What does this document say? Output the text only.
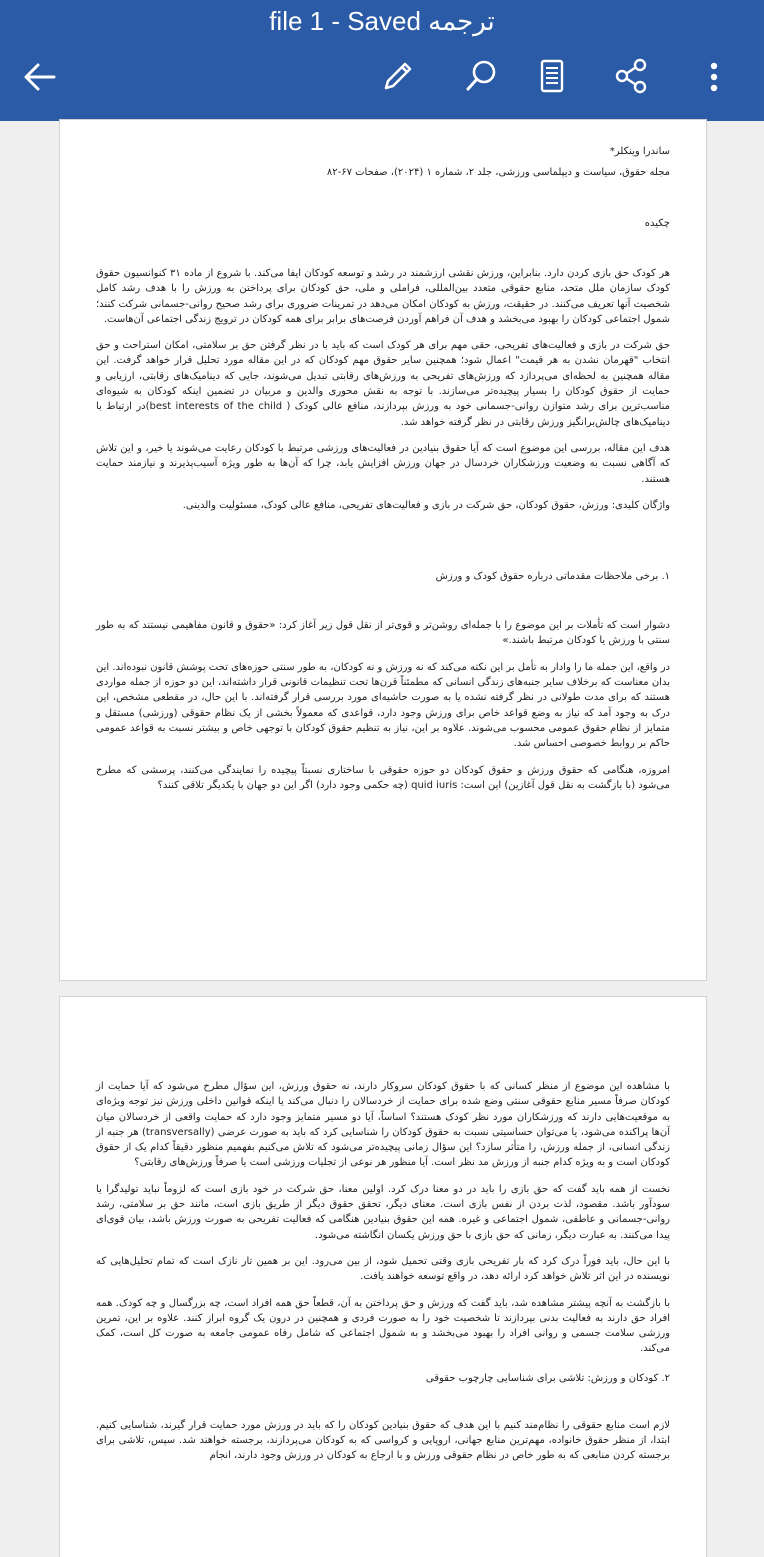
file 1 - Saved ترجمه

ساندرا وینکلر*

مجله حقوق، سیاست و دیپلماسی ورزشی، جلد ۲، شماره ۱ (۲۰۲۴)، صفحات ۶۷-۸۲

چکیده

هر کودک حق بازی کردن دارد. بنابراین، ورزش نقشی ارزشمند در رشد و توسعه کودکان ایفا می‌کند. با شروع از ماده ۳۱ کنوانسیون حقوق کودک سازمان ملل متحد، منابع حقوقی متعدد بین‌المللی، فراملی و ملی، حق کودکان برای پرداختن به ورزش را با هدف رشد کامل شخصیت آنها تعریف می‌کنند. در حقیقت، ورزش به کودکان امکان می‌دهد در تمرینات ضروری برای رشد صحیح روانی-جسمانی شرکت کنند؛ شمول اجتماعی کودکان را بهبود می‌بخشد و هدف آن فراهم آوردن فرصت‌های برابر برای همه کودکان در ترویج زندگی اجتماعی آن‌هاست.

حق شرکت در بازی و فعالیت‌های تفریحی، حقی مهم برای هر کودک است که باید با در نظر گرفتن حق بر سلامتی، امکان استراحت و حق انتخاب "قهرمان نشدن به هر قیمت" اعمال شود؛ همچنین سایر حقوق مهم کودکان که در این مقاله مورد تحلیل قرار خواهد گرفت. این مقاله همچنین به لحظه‌ای می‌پردازد که ورزش‌های تفریحی به ورزش‌های رقابتی تبدیل می‌شوند، جایی که دینامیک‌های رقابتی، ارزیابی و حمایت از حقوق کودکان را بسیار پیچیده‌تر می‌سازند. با توجه به نقش محوری والدین و مربیان در تضمین اینکه کودکان به شیوه‌ای مناسب‌ترین برای رشد متوازن روانی-جسمانی خود به ورزش بپردازند، منافع عالی کودک ( best interests of the child)در ارتباط با دینامیک‌های چالش‌برانگیز ورزش رقابتی در نظر گرفته خواهد شد.

هدف این مقاله، بررسی این موضوع است که آیا حقوق بنیادین در فعالیت‌های ورزشی مرتبط با کودکان رعایت می‌شوند یا خیر، و این تلاش که آگاهی نسبت به وضعیت ورزشکاران خردسال در جهان ورزش افزایش یابد، چرا که آن‌ها به طور ویژه آسیب‌پذیرند و نیازمند حمایت هستند.

واژگان کلیدی: ورزش، حقوق کودکان، حق شرکت در بازی و فعالیت‌های تفریحی، منافع عالی کودک، مسئولیت والدینی.

۱. برخی ملاحظات مقدماتی درباره حقوق کودک و ورزش

دشوار است که تأملات بر این موضوع را با جمله‌ای روشن‌تر و قوی‌تر از نقل قول زیر آغاز کرد: «حقوق و قانون مفاهیمی نیستند که به طور سنتی با ورزش یا کودکان مرتبط باشند.»

در واقع، این جمله ما را وادار به تأمل بر این نکته می‌کند که نه ورزش و نه کودکان، به طور سنتی حوزه‌های تحت پوشش قانون نبوده‌اند. این بدان معناست که برخلاف سایر جنبه‌های زندگی انسانی که مطمئناً قرن‌ها تحت تنظیمات قانونی قرار داشته‌اند، این دو حوزه از جمله مواردی هستند که برای مدت طولانی در نظر گرفته نشده یا به صورت حاشیه‌ای مورد بررسی قرار گرفته‌اند. با این حال، در مقطعی مشخص، این درک به وجود آمد که نیاز به وضع قواعد خاص برای ورزش وجود دارد، قواعدی که معمولاً بخشی از یک نظام حقوقی (ورزشی) مستقل و متمایز از نظام حقوق عمومی محسوب می‌شوند. علاوه بر این، نیاز به تنظیم حقوق کودکان با توجهی خاص و بیشتر نسبت به قواعد عمومی حاکم بر روابط خصوصی احساس شد.

امروزه، هنگامی که حقوق ورزش و حقوق کودکان دو حوزه حقوقی با ساختاری نسبتاً پیچیده را نمایندگی می‌کنند، پرسشی که مطرح می‌شود (با بازگشت به نقل قول آغازین) این است: quid iuris (چه حکمی وجود دارد) اگر این دو جهان با یکدیگر تلاقی کنند؟

با مشاهده این موضوع از منظر کسانی که با حقوق کودکان سروکار دارند، نه حقوق ورزش، این سؤال مطرح می‌شود که آیا حمایت از کودکان صرفاً مسیر منابع حقوقی سنتی وضع شده برای حمایت از خردسالان را دنبال می‌کند یا اینکه قوانین داخلی ورزش نیز توجه ویژه‌ای به موقعیت‌هایی دارند که ورزشکاران مورد نظر کودک هستند؟ اساساً، آیا دو مسیر متمایز وجود دارد که حمایت واقعی از خردسالان میان آن‌ها پراکنده می‌شود، یا می‌توان حساسیتی نسبت به حقوق کودکان را شناسایی کرد که باید به صورت عرضی (transversally) هر جنبه از زندگی انسانی، از جمله ورزش، را متأثر سازد؟ این سؤال زمانی پیچیده‌تر می‌شود که تلاش می‌کنیم بفهمیم منظور دقیقاً کدام یک از حقوق کودکان است و به ویژه کدام جنبه از ورزش مد نظر است. آیا منظور هر نوعی از تجلیات ورزشی است یا صرفاً ورزش‌های رقابتی؟

نخست از همه باید گفت که حق بازی را باید در دو معنا درک کرد. اولین معنا، حق شرکت در خود بازی است که لزوماً نباید تولیدگرا یا سودآور باشد. مقصود، لذت بردن از نفس بازی است. معنای دیگر، تحقق حقوق دیگر از طریق بازی است، مانند حق بر سلامتی، رشد روانی-جسمانی و عاطفی، شمول اجتماعی و غیره. همه این حقوق بنیادین هنگامی که فعالیت تفریحی به صورت ورزش باشد، بیان قوی‌ای پیدا می‌کنند. به عبارت دیگر، زمانی که حق بازی با حق ورزش یکسان انگاشته می‌شود.

با این حال، باید فوراً درک کرد که بار تفریحی بازی وقتی تحمیل شود، از بین می‌رود. این بر همین تار نازک است که تمام تحلیل‌هایی که نویسنده در این اثر تلاش خواهد کرد ارائه دهد، در واقع توسعه خواهند یافت.

با بازگشت به آنچه پیشتر مشاهده شد، باید گفت که ورزش و حق پرداختن به آن، قطعاً حق همه افراد است، چه بزرگسال و چه کودک. همه افراد حق دارند به فعالیت بدنی بپردازند تا شخصیت خود را به صورت فردی و همچنین در درون یک گروه ابراز کنند. علاوه بر این، تمرین ورزشی سلامت جسمی و روانی افراد را بهبود می‌بخشد و به شمول اجتماعی که شامل رفاه عمومی جامعه به صورت کل است، کمک می‌کند.

۲. کودکان و ورزش: تلاشی برای شناسایی چارچوب حقوقی

لازم است منابع حقوقی را نظام‌مند کنیم با این هدف که حقوق بنیادین کودکان را که باید در ورزش مورد حمایت قرار گیرند، شناسایی کنیم. ابتدا، از منظر حقوق خانواده، مهم‌ترین منابع جهانی، اروپایی و کرواسی که به کودکان می‌پردازند، برجسته خواهند شد. سپس، تلاشی برای برجسته کردن منابعی که به طور خاص در نظام حقوقی ورزش و با ارجاع به کودکان در ورزش وجود دارند، انجام
